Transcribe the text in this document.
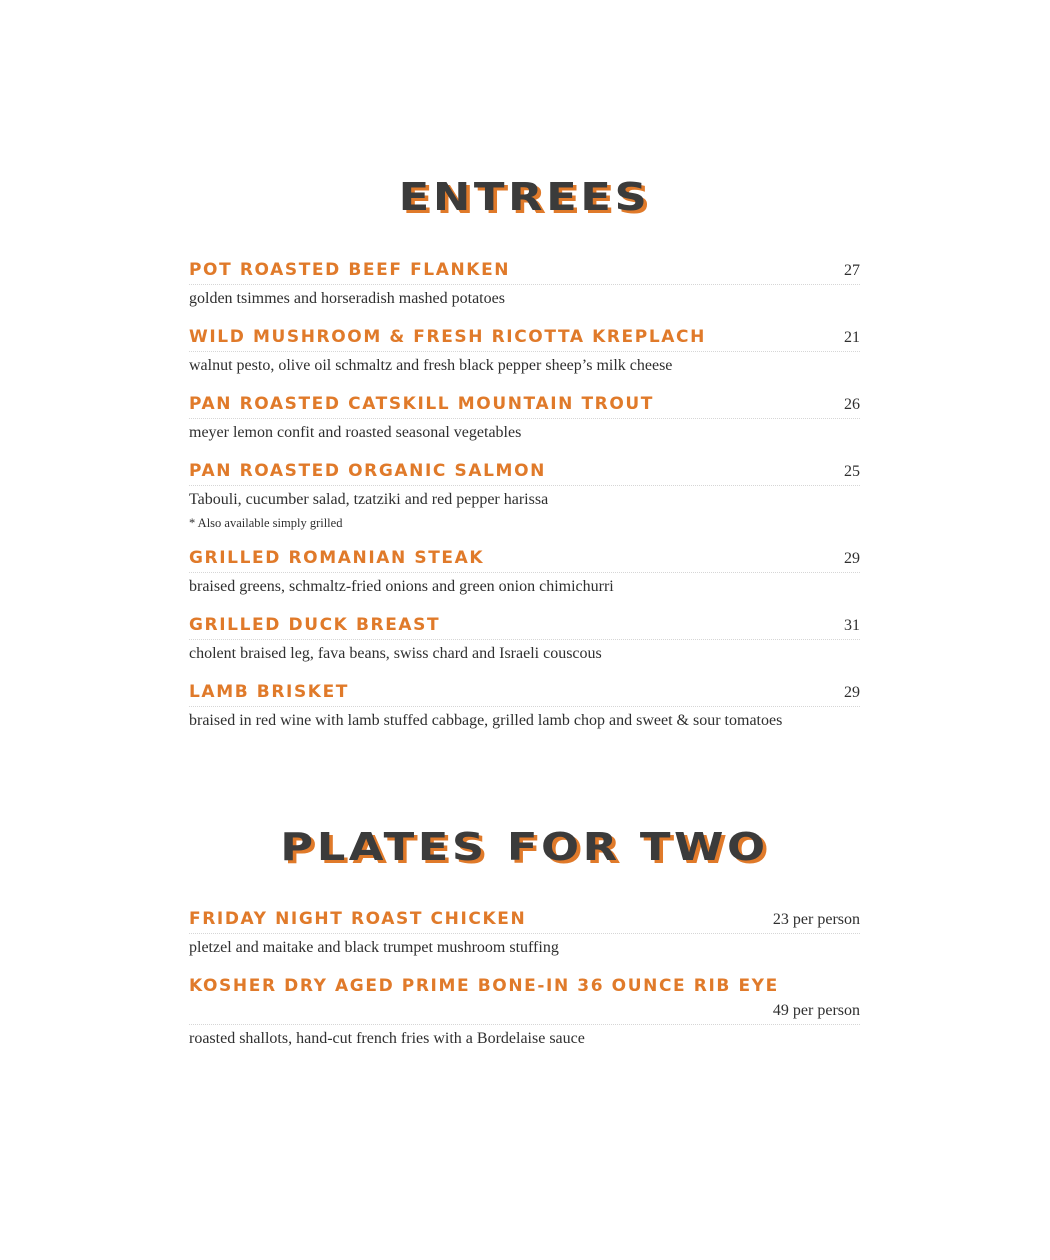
ENTREES
POT ROASTED BEEF FLANKEN	27
golden tsimmes and horseradish mashed potatoes
WILD MUSHROOM & FRESH RICOTTA KREPLACH	21
walnut pesto, olive oil schmaltz and fresh black pepper sheep’s milk cheese
PAN ROASTED CATSKILL MOUNTAIN TROUT	26
meyer lemon confit and roasted seasonal vegetables
PAN ROASTED ORGANIC SALMON	25
Tabouli, cucumber salad, tzatziki and red pepper harissa
* Also available simply grilled
GRILLED ROMANIAN STEAK	29
braised greens, schmaltz-fried onions and green onion chimichurri
GRILLED DUCK BREAST	31
cholent braised leg, fava beans, swiss chard and Israeli couscous
LAMB BRISKET	29
braised in red wine with lamb stuffed cabbage, grilled lamb chop and sweet & sour tomatoes
PLATES FOR TWO
FRIDAY NIGHT ROAST CHICKEN	23 per person
pletzel and maitake and black trumpet mushroom stuffing
KOSHER DRY AGED PRIME BONE-IN 36 OUNCE RIB EYE
49 per person
roasted shallots, hand-cut french fries with a Bordelaise sauce
